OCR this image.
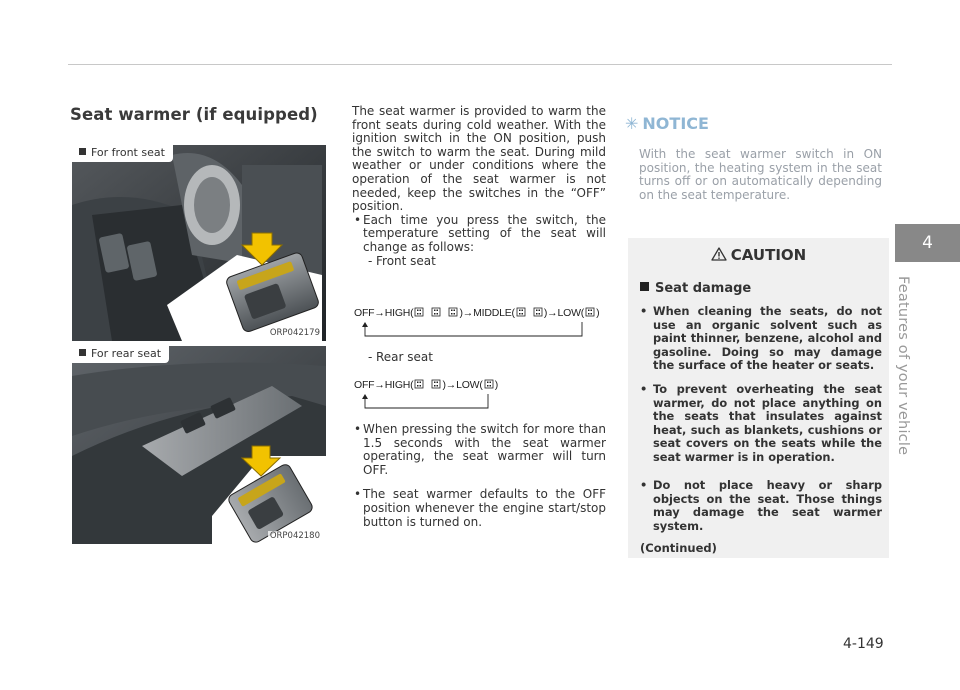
Seat warmer (if equipped)
For front seat
ORP042179
For rear seat
ORP042180

The seat warmer is provided to warm the front seats during cold weather. With the ignition switch in the ON position, push the switch to warm the seat. During mild weather or under conditions where the operation of the seat warmer is not needed, keep the switches in the “OFF” position.

• Each time you press the switch, the temperature setting of the seat will change as follows:
- Front seat
OFF→HIGH(	)→MIDDLE(	)→LOW( )
- Rear seat
OFF→HIGH(	)→LOW( )
• When pressing the switch for more than 1.5 seconds with the seat warmer operating, the seat warmer will turn OFF.
• The seat warmer defaults to the OFF position whenever the engine start/stop button is turned on.
✳ NOTICE

With the seat warmer switch in ON position, the heating system in the seat turns off or on automatically depending on the seat temperature.

CAUTION
Seat damage
• When cleaning the seats, do not use an organic solvent such as paint thinner, benzene, alcohol and gasoline. Doing so may damage the surface of the heater or seats.
• To prevent overheating the seat warmer, do not place anything on the seats that insulates against heat, such as blankets, cushions or seat covers on the seats while the seat warmer is in operation.
• Do not place heavy or sharp objects on the seat. Those things may damage the seat warmer system.
(Continued)
4
Features of your vehicle
4-149
